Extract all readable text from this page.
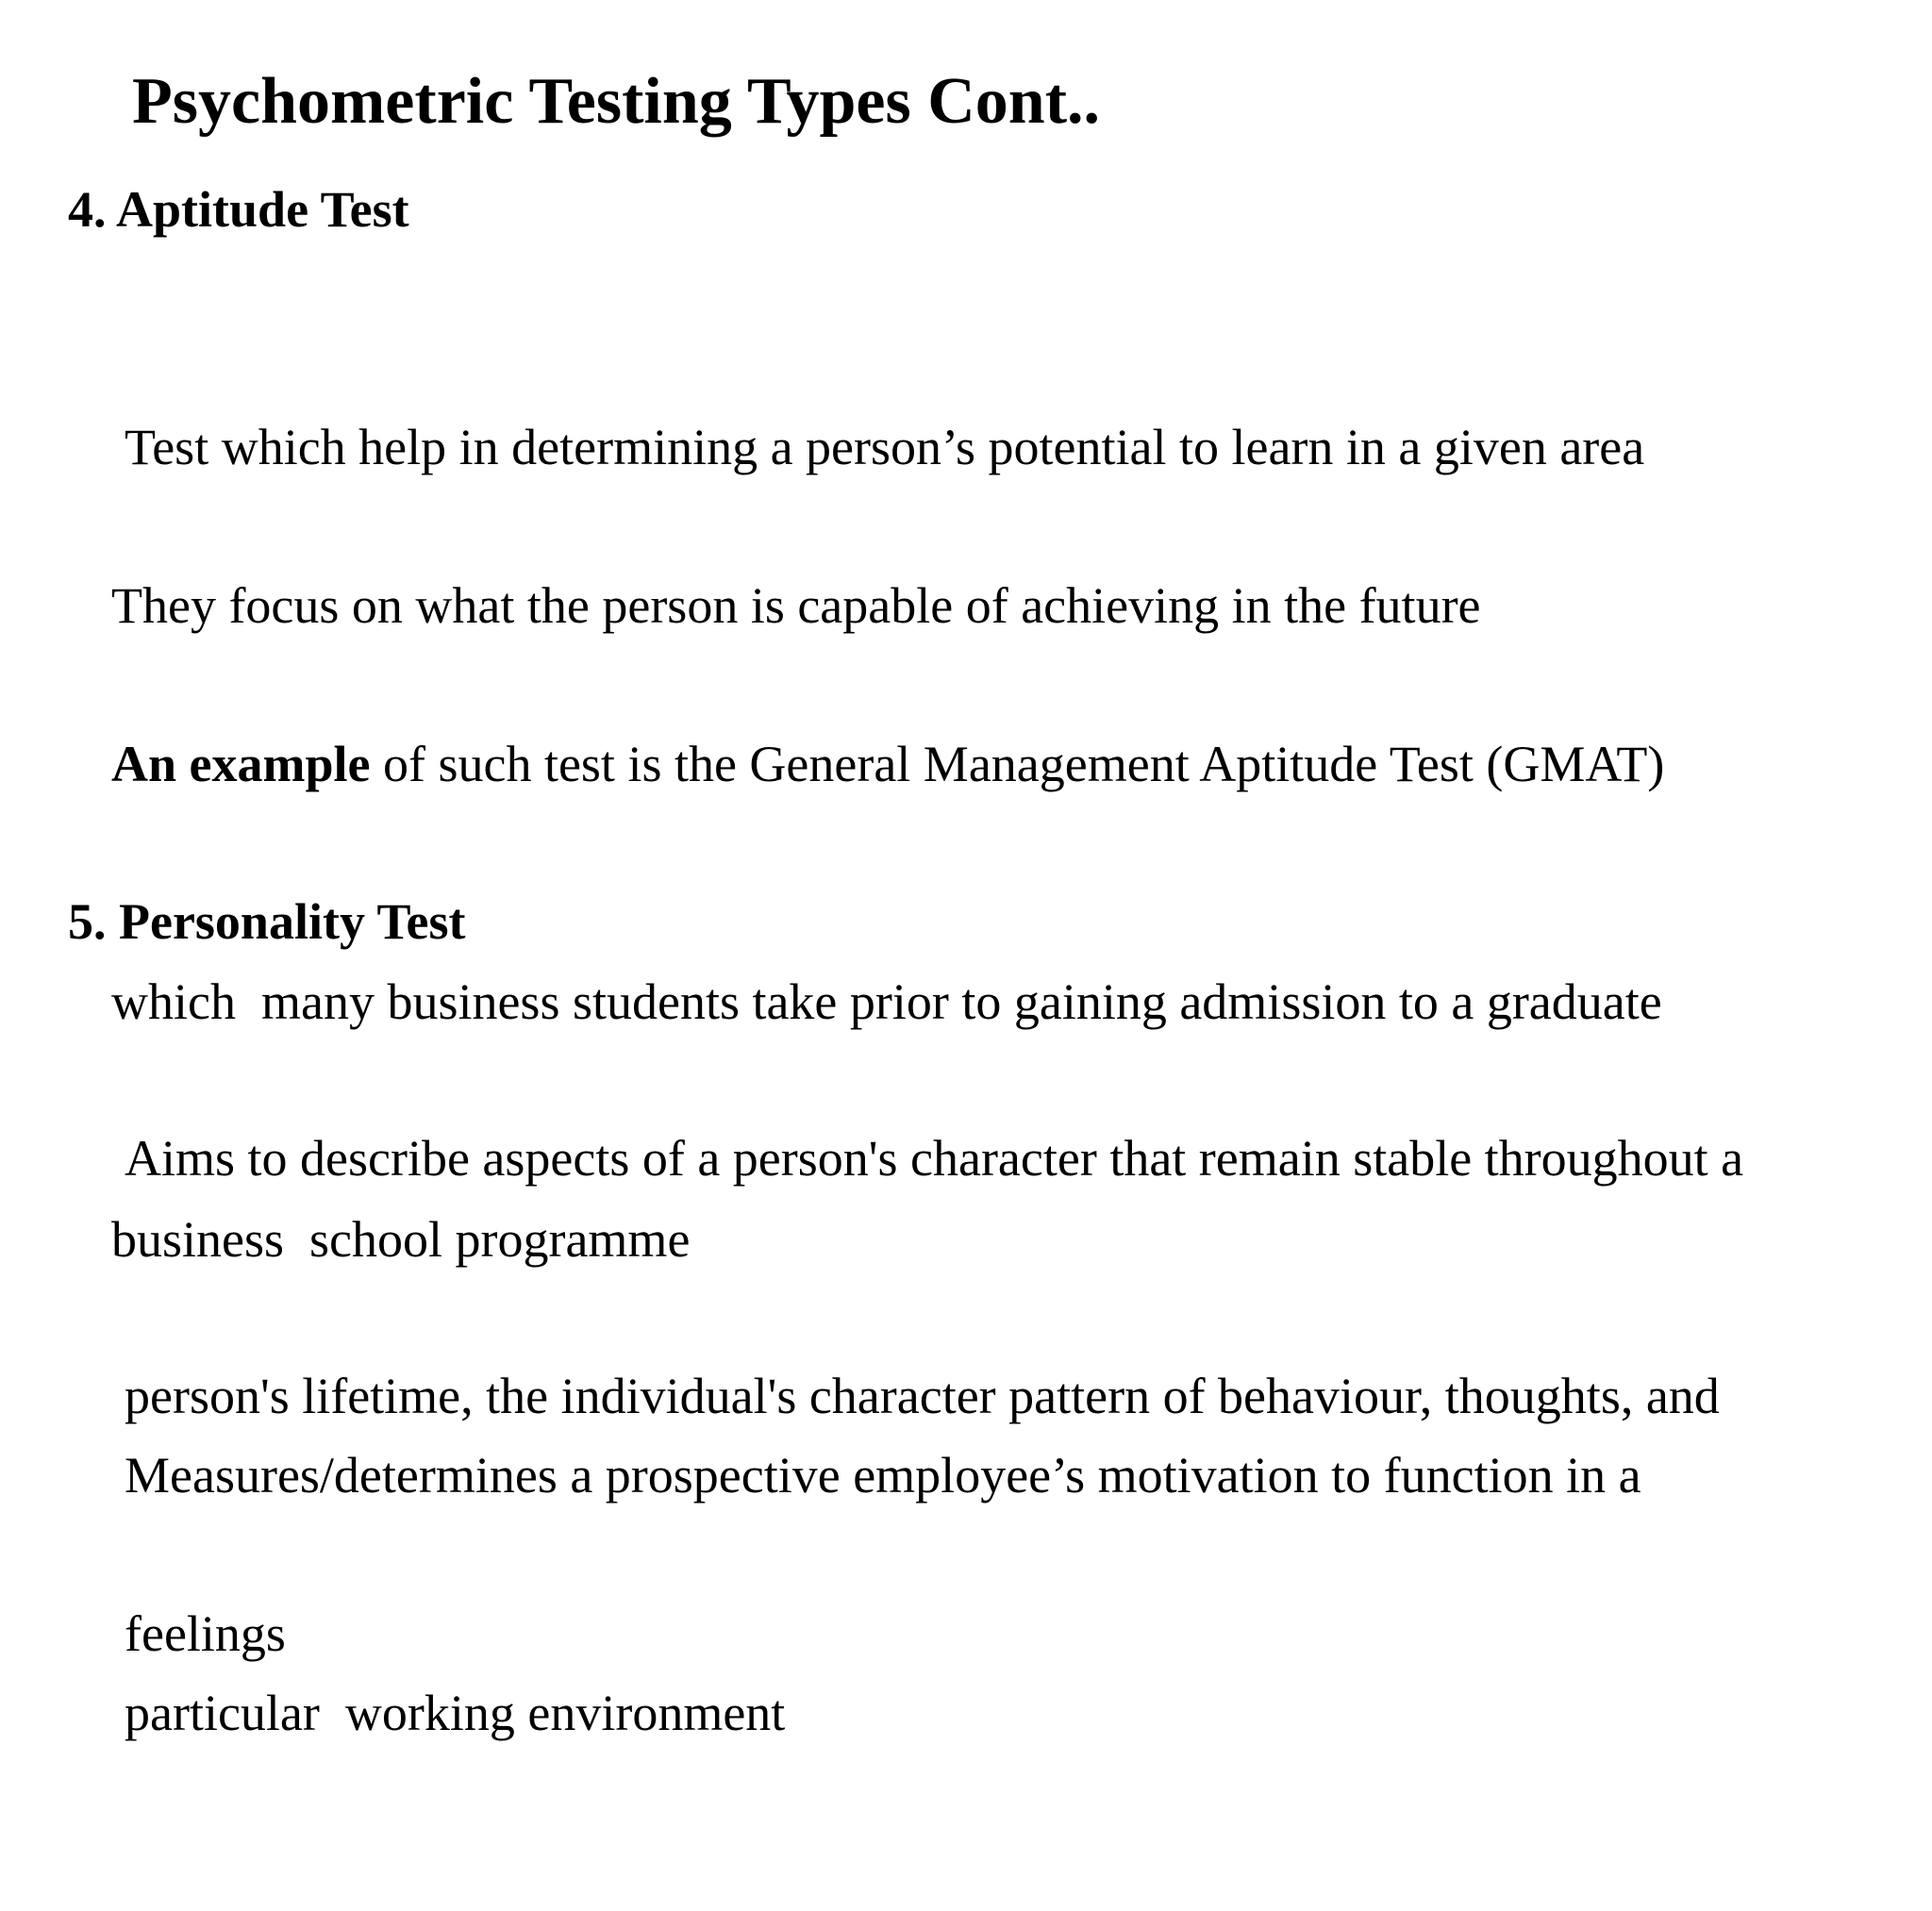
Psychometric Testing Types Cont..
4. Aptitude Test

Test which help in determining a person’s potential to learn in a given area

They focus on what the person is capable of achieving in the future

An example of such test is the General Management Aptitude Test (GMAT)

which  many business students take prior to gaining admission to a graduate

business  school programme

5. Personality Test

Aims to describe aspects of a person's character that remain stable throughout a

person's lifetime, the individual's character pattern of behaviour, thoughts, and

feelings

Measures/determines a prospective employee’s motivation to function in a

particular  working environment
